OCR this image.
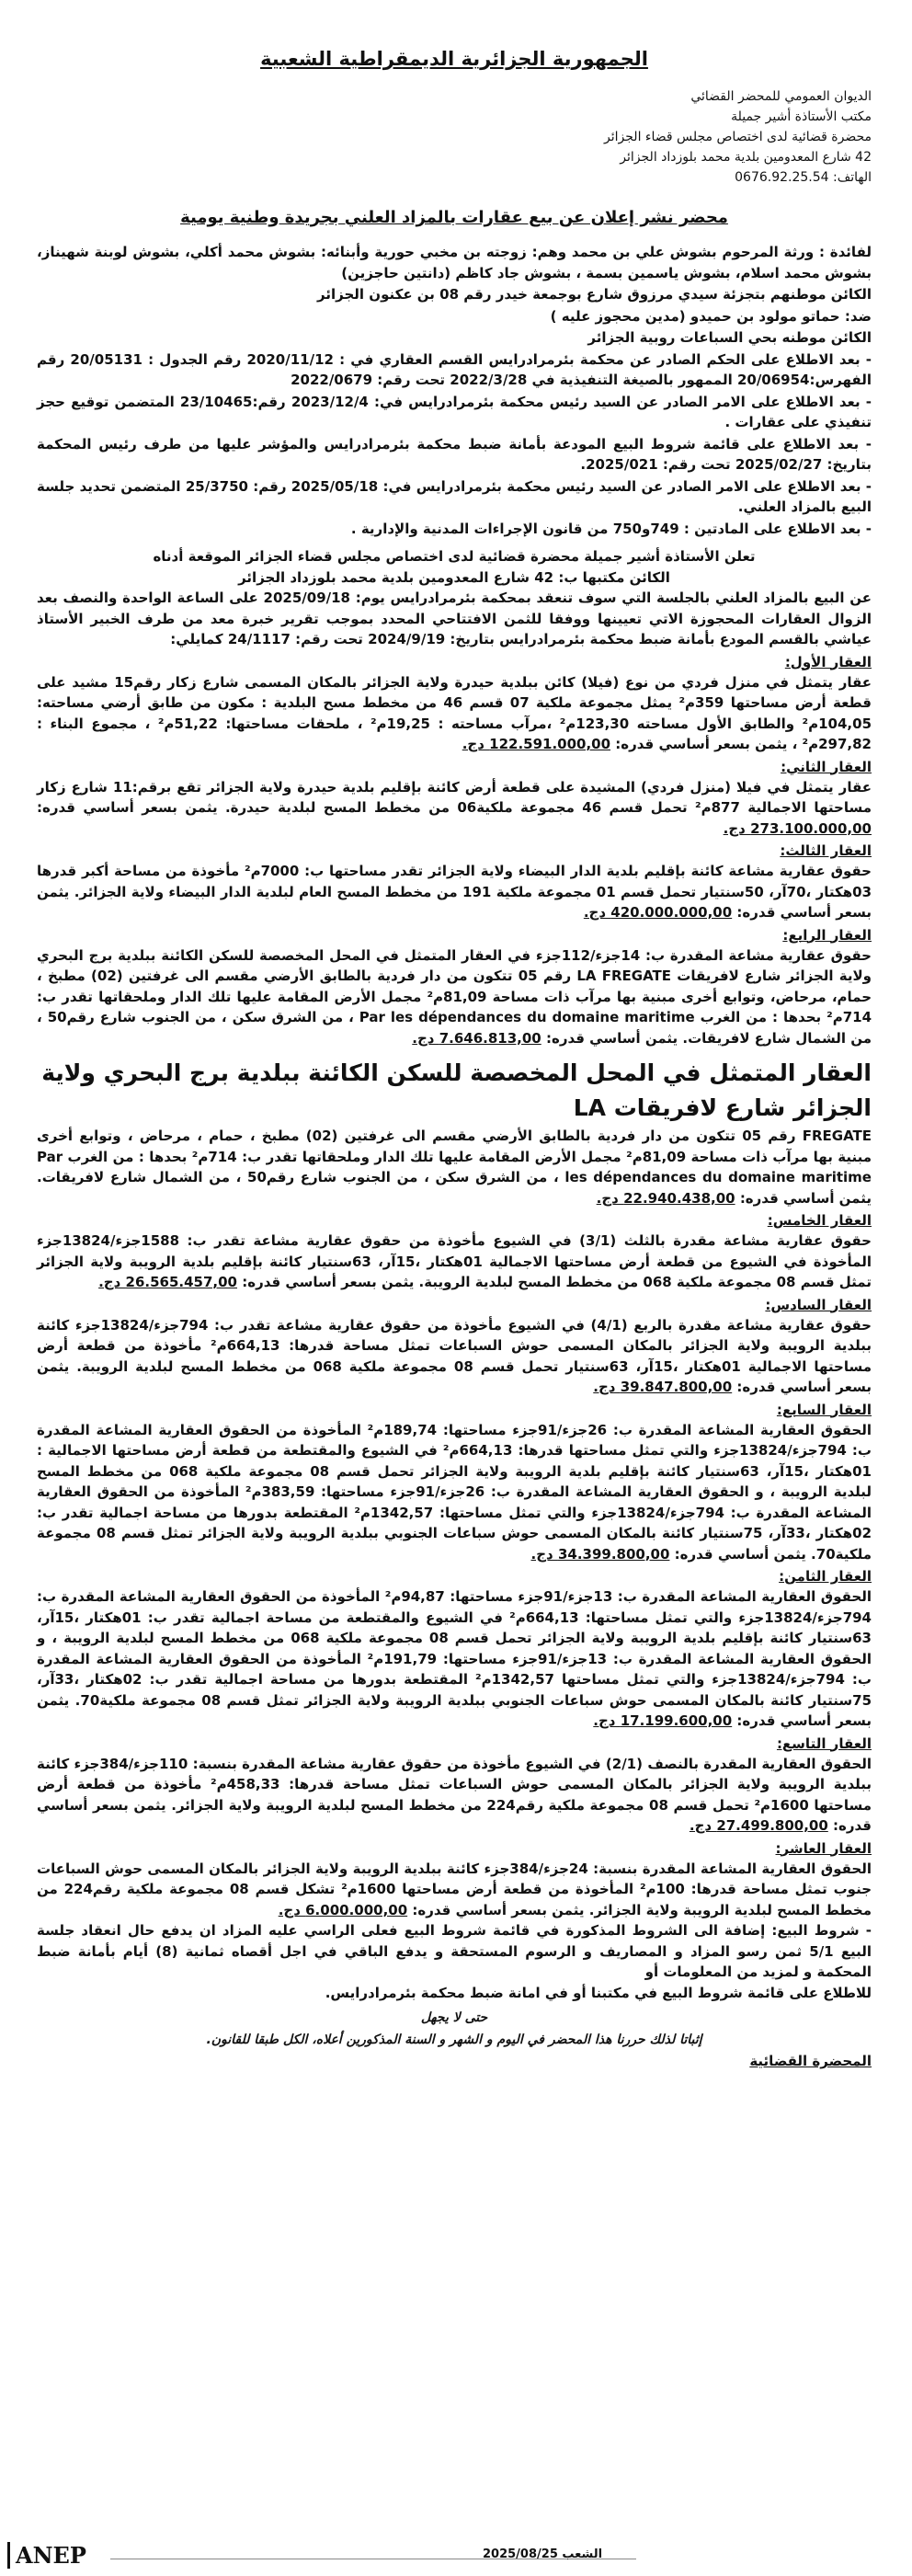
الجمهورية الجزائرية الديمقراطية الشعبية
الديوان العمومي للمحضر القضائي
مكتب الأستاذة أشير جميلة
محضرة قضائية لدى اختصاص مجلس قضاء الجزائر
42 شارع المعدومين بلدية محمد بلوزداد الجزائر
الهاتف: 0676.92.25.54
محضر نشر إعلان عن بيع عقارات بالمزاد العلني بجريدة وطنية يومية

لفائدة : ورثة المرحوم بشوش علي بن محمد وهم: زوجته بن مخبي حورية وأبنائه: بشوش محمد أكلي، بشوش لوبنة شهيناز، بشوش محمد اسلام، بشوش ياسمين بسمة ، بشوش جاد كاظم (دانتين حاجزين)

الكائن موطنهم بتجزئة سيدي مرزوق شارع بوجمعة خيدر رقم 08 بن عكنون الجزائر

ضد: حماتو مولود بن حميدو (مدين محجوز عليه )

الكائن موطنه بحي السباعات روبية الجزائر

- بعد الاطلاع على الحكم الصادر عن محكمة بئرمرادرايس القسم العقاري في : 2020/11/12 رقم الجدول : 20/05131 رقم الفهرس:20/06954 الممهور بالصيغة التنفيذية في 2022/3/28 تحت رقم: 2022/0679

- بعد الاطلاع على الامر الصادر عن السيد رئيس محكمة بئرمرادرايس في: 2023/12/4 رقم:23/10465 المتضمن توقيع حجز تنفيذي على عقارات .

- بعد الاطلاع على قائمة شروط البيع المودعة بأمانة ضبط محكمة بئرمرادرايس والمؤشر عليها من طرف رئيس المحكمة بتاريخ: 2025/02/27 تحت رقم: 2025/021.

- بعد الاطلاع على الامر الصادر عن السيد رئيس محكمة بئرمرادرايس في: 2025/05/18 رقم: 25/3750 المتضمن تحديد جلسة البيع بالمزاد العلني.

- بعد الاطلاع على المادتين : 749و750 من قانون الإجراءات المدنية والإدارية .

تعلن الأستاذة أشير جميلة محضرة قضائية لدى اختصاص مجلس قضاء الجزائر الموقعة أدناه
الكائن مكتبها ب: 42 شارع المعدومين بلدية محمد بلوزداد الجزائر

عن البيع بالمزاد العلني بالجلسة التي سوف تنعقد بمحكمة بئرمرادرايس يوم: 2025/09/18 على الساعة الواحدة والنصف بعد الزوال العقارات المحجوزة الاتي تعيينها ووفقا للثمن الافتتاحي المحدد بموجب تقرير خبرة معد من طرف الخبير الأستاذ عياشي بالقسم المودع بأمانة ضبط محكمة بئرمرادرايس بتاريخ: 2024/9/19 تحت رقم: 24/1117 كمايلي:

العقار الأول:

عقار يتمثل في منزل فردي من نوع (فيلا) كائن ببلدية حيدرة ولاية الجزائر بالمكان المسمى شارع زكار رقم15 مشيد على قطعة أرض مساحتها 359م² يمثل مجموعة ملكية 07 قسم 46 من مخطط مسح البلدية : مكون من طابق أرضي مساحته: 104,05م² والطابق الأول مساحته 123,30م² ،مرآب مساحته : 19,25م² ، ملحقات مساحتها: 51,22م² ، مجموع البناء : 297,82م² ، يثمن بسعر أساسي قدره: 122.591.000,00 دج.

العقار الثاني:

عقار يتمثل في فيلا (منزل فردي) المشيدة على قطعة أرض كائنة بإقليم بلدية حيدرة ولاية الجزائر تقع برقم:11 شارع زكار مساحتها الاجمالية 877م² تحمل قسم 46 مجموعة ملكية06 من مخطط المسح لبلدية حيدرة. يثمن بسعر أساسي قدره: 273.100.000,00 دج.

العقار الثالث:

حقوق عقارية مشاعة كائنة بإقليم بلدية الدار البيضاء ولاية الجزائر تقدر مساحتها ب: 7000م² مأخوذة من مساحة أكبر قدرها 03هكتار ،70آر، 50سنتيار تحمل قسم 01 مجموعة ملكية 191 من مخطط المسح العام لبلدية الدار البيضاء ولاية الجزائر. يثمن بسعر أساسي قدره: 420.000.000,00 دج.

العقار الرابع:

حقوق عقارية مشاعة المقدرة ب: 14جزء/112جزء في العقار المتمثل في المحل المخصصة للسكن الكائنة ببلدية برج البحري ولاية الجزائر شارع لافريقات LA FREGATE رقم 05 تتكون من دار فردية بالطابق الأرضي مقسم الى غرفتين (02) مطبخ ، حمام، مرحاض، وتوابع أخرى مبنية بها مرآب ذات مساحة 81,09م² مجمل الأرض المقامة عليها تلك الدار وملحقاتها تقدر ب: 714م² بحدها : من الغرب Par les dépendances du domaine maritime ، من الشرق سكن ، من الجنوب شارع رقم50 ، من الشمال شارع لافريقات. يثمن أساسي قدره: 7.646.813,00 دج.

العقار المتمثل في المحل المخصصة للسكن الكائنة ببلدية برج البحري ولاية الجزائر شارع لافريقات LA

FREGATE رقم 05 تتكون من دار فردية بالطابق الأرضي مقسم الى غرفتين (02) مطبخ ، حمام ، مرحاض ، وتوابع أخرى مبنية بها مرآب ذات مساحة 81,09م² مجمل الأرض المقامة عليها تلك الدار وملحقاتها تقدر ب: 714م² بحدها : من الغرب Par les dépendances du domaine maritime ، من الشرق سكن ، من الجنوب شارع رقم50 ، من الشمال شارع لافريقات. يثمن أساسي قدره: 22.940.438,00 دج.

العقار الخامس:

حقوق عقارية مشاعة مقدرة بالثلث (3/1) في الشيوع مأخوذة من حقوق عقارية مشاعة تقدر ب: 1588جزء/13824جزء المأخوذة في الشيوع من قطعة أرض مساحتها الاجمالية 01هكتار ،15آر، 63سنتيار كائنة بإقليم بلدية الرويبة ولاية الجزائر تمثل قسم 08 مجموعة ملكية 068 من مخطط المسح لبلدية الرويبة. يثمن بسعر أساسي قدره: 26.565.457,00 دج.

العقار السادس:

حقوق عقارية مشاعة مقدرة بالربع (4/1) في الشيوع مأخوذة من حقوق عقارية مشاعة تقدر ب: 794جزء/13824جزء كائنة ببلدية الرويبة ولاية الجزائر بالمكان المسمى حوش السباعات تمثل مساحة قدرها: 664,13م² مأخوذة من قطعة أرض مساحتها الاجمالية 01هكتار ،15آر، 63سنتيار تحمل قسم 08 مجموعة ملكية 068 من مخطط المسح لبلدية الرويبة. يثمن بسعر أساسي قدره: 39.847.800,00 دج.

العقار السابع:

الحقوق العقارية المشاعة المقدرة ب: 26جزء/91جزء مساحتها: 189,74م² المأخوذة من الحقوق العقارية المشاعة المقدرة ب: 794جزء/13824جزء والتي تمثل مساحتها قدرها: 664,13م² في الشيوع والمقتطعة من قطعة أرض مساحتها الاجمالية : 01هكتار ،15آر، 63سنتيار كائنة بإقليم بلدية الرويبة ولاية الجزائر تحمل قسم 08 مجموعة ملكية 068 من مخطط المسح لبلدية الرويبة ، و الحقوق العقارية المشاعة المقدرة ب: 26جزء/91جزء مساحتها: 383,59م² المأخوذة من الحقوق العقارية المشاعة المقدرة ب: 794جزء/13824جزء والتي تمثل مساحتها: 1342,57م² المقتطعة بدورها من مساحة اجمالية تقدر ب: 02هكتار ،33آر، 75سنتيار كائنة بالمكان المسمى حوش سباعات الجنوبي ببلدية الرويبة ولاية الجزائر تمثل قسم 08 مجموعة ملكية70. يثمن أساسي قدره: 34.399.800,00 دج.

العقار الثامن:

الحقوق العقارية المشاعة المقدرة ب: 13جزء/91جزء مساحتها: 94,87م² المأخوذة من الحقوق العقارية المشاعة المقدرة ب: 794جزء/13824جزء والتي تمثل مساحتها: 664,13م² في الشيوع والمقتطعة من مساحة اجمالية تقدر ب: 01هكتار ،15آر، 63سنتيار كائنة بإقليم بلدية الرويبة ولاية الجزائر تحمل قسم 08 مجموعة ملكية 068 من مخطط المسح لبلدية الرويبة ، و الحقوق العقارية المشاعة المقدرة ب: 13جزء/91جزء مساحتها: 191,79م² المأخوذة من الحقوق العقارية المشاعة المقدرة ب: 794جزء/13824جزء والتي تمثل مساحتها 1342,57م² المقتطعة بدورها من مساحة اجمالية تقدر ب: 02هكتار ،33آر، 75سنتيار كائنة بالمكان المسمى حوش سباعات الجنوبي ببلدية الرويبة ولاية الجزائر تمثل قسم 08 مجموعة ملكية70. يثمن بسعر أساسي قدره: 17.199.600,00 دج.

العقار التاسع:

الحقوق العقارية المقدرة بالنصف (2/1) في الشيوع مأخوذة من حقوق عقارية مشاعة المقدرة بنسبة: 110جزء/384جزء كائنة ببلدية الرويبة ولاية الجزائر بالمكان المسمى حوش السباعات تمثل مساحة قدرها: 458,33م² مأخوذة من قطعة أرض مساحتها 1600م² تحمل قسم 08 مجموعة ملكية رقم224 من مخطط المسح لبلدية الرويبة ولاية الجزائر. يثمن بسعر أساسي قدره: 27.499.800,00 دج.

العقار العاشر:

الحقوق العقارية المشاعة المقدرة بنسبة: 24جزء/384جزء كائنة ببلدية الرويبة ولاية الجزائر بالمكان المسمى حوش السباعات جنوب تمثل مساحة قدرها: 100م² المأخوذة من قطعة أرض مساحتها 1600م² تشكل قسم 08 مجموعة ملكية رقم224 من مخطط المسح لبلدية الرويبة ولاية الجزائر. يثمن بسعر أساسي قدره: 6.000.000,00 دج.

- شروط البيع: إضافة الى الشروط المذكورة في قائمة شروط البيع فعلى الراسي عليه المزاد ان يدفع حال انعقاد جلسة البيع 5/1 ثمن رسو المزاد و المصاريف و الرسوم المستحقة و يدفع الباقي في اجل أقصاه ثمانية (8) أيام بأمانة ضبط المحكمة و لمزيد من المعلومات أو

للاطلاع على قائمة شروط البيع في مكتبنا أو في امانة ضبط محكمة بئرمرادرايس.

حتى لا يجهل
إثباتا لذلك حررنا هذا المحضر في اليوم و الشهر و السنة المذكورين أعلاه، الكل طبقا للقانون.
المحضرة القضائية
ANEP	2025/08/25 الشعب
